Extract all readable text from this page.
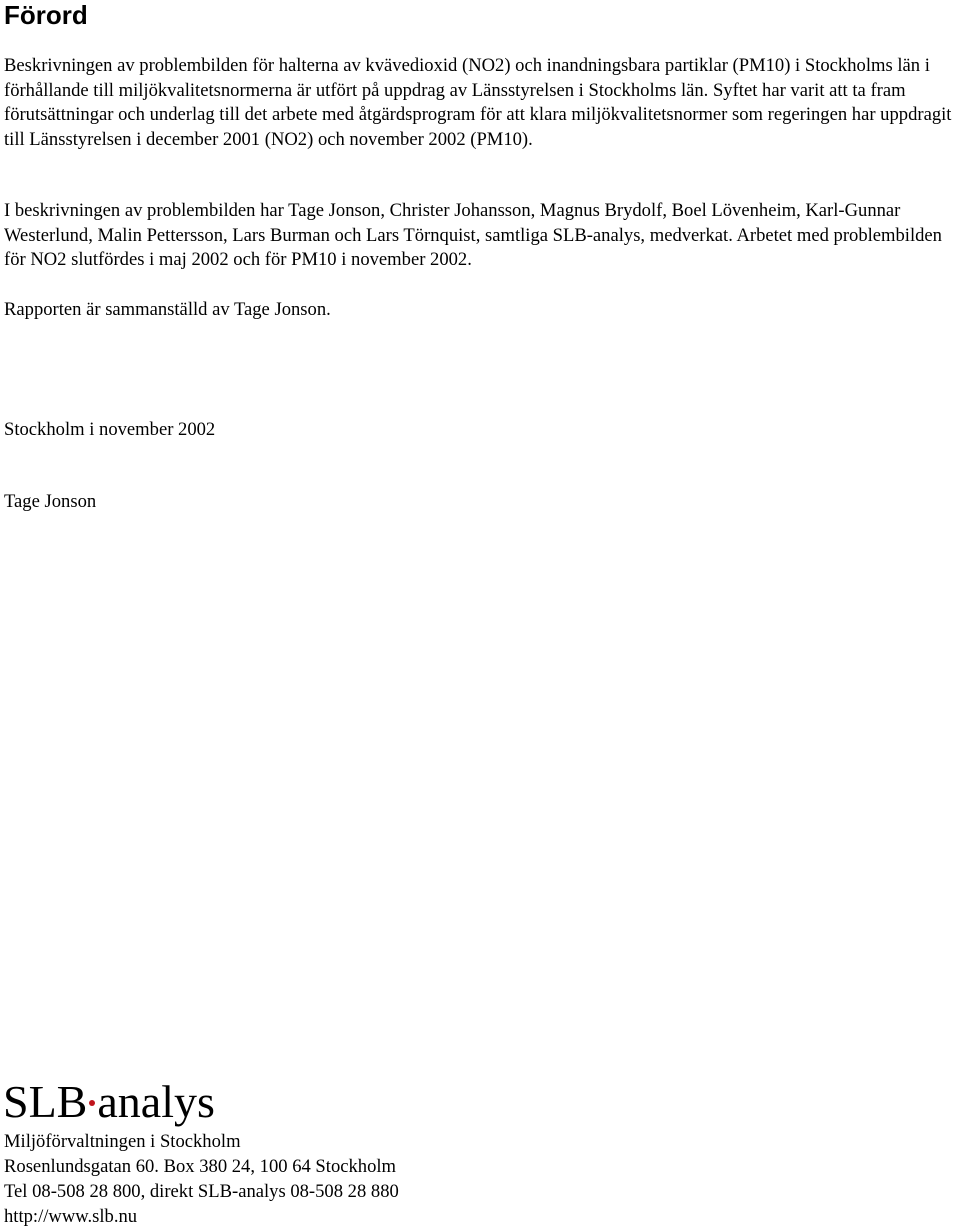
Förord

Beskrivningen av problembilden för halterna av kvävedioxid (NO2) och inandningsbara partiklar (PM10) i Stockholms län i förhållande till miljökvalitetsnormerna är utfört på uppdrag av Länsstyrelsen i Stockholms län. Syftet har varit att ta fram förutsättningar och underlag till det arbete med åtgärdsprogram för att klara miljökvalitetsnormer som regeringen har uppdragit till Länsstyrelsen i december 2001 (NO2) och november 2002 (PM10).

I beskrivningen av problembilden har Tage Jonson, Christer Johansson, Magnus Brydolf, Boel Lövenheim, Karl-Gunnar Westerlund, Malin Pettersson, Lars Burman och Lars Törnquist, samtliga SLB-analys, medverkat. Arbetet med problembilden för NO2 slutfördes i maj 2002 och för PM10 i november 2002.

Rapporten är sammanställd av Tage Jonson.

Stockholm i november 2002

Tage Jonson

SLB analys
Miljöförvaltningen i Stockholm
Rosenlundsgatan 60. Box 380 24, 100 64 Stockholm
Tel 08-508 28 800, direkt SLB-analys 08-508 28 880
http://www.slb.nu
